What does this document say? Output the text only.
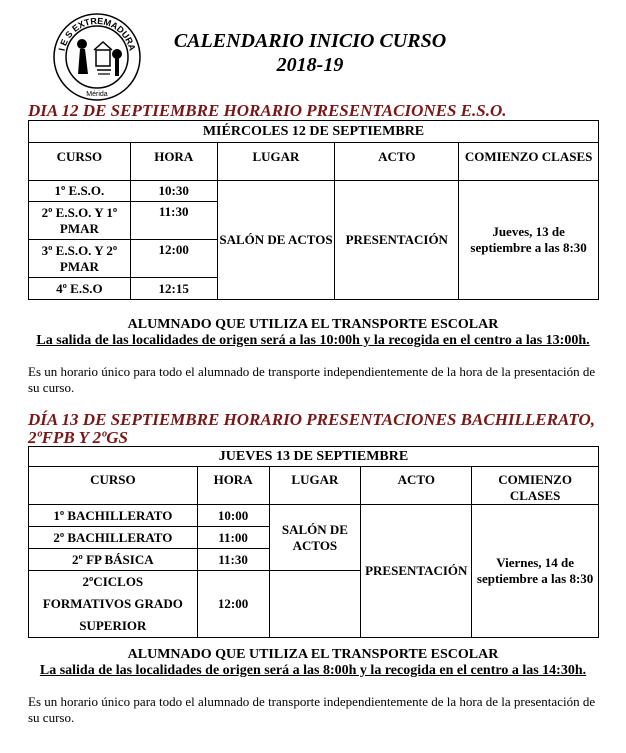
I E S EXTREMADURA
Mérida
CALENDARIO INICIO CURSO
2018-19
DIA 12 DE SEPTIEMBRE HORARIO PRESENTACIONES E.S.O.
MIÉRCOLES 12 DE SEPTIEMBRE				
CURSO	HORA	LUGAR	ACTO	COMIENZO CLASES
1º E.S.O.	10:30	SALÓN DE ACTOS	PRESENTACIÓN	Jueves, 13 de septiembre a las 8:30
2º E.S.O. Y 1º PMAR	11:30			
3º E.S.O. Y 2º PMAR	12:00			
4º E.S.O	12:15			
ALUMNADO QUE UTILIZA EL TRANSPORTE ESCOLAR
La salida de las localidades de origen será a las 10:00h y la recogida en el centro a las 13:00h.
Es un horario único para todo el alumnado de transporte independientemente de la hora de la presentación de su curso.
DÍA 13 DE SEPTIEMBRE HORARIO PRESENTACIONES BACHILLERATO, 2ºFPB Y 2ºGS
JUEVES 13 DE SEPTIEMBRE				
CURSO	HORA	LUGAR	ACTO	COMIENZO CLASES
1º BACHILLERATO	10:00	SALÓN DE ACTOS	PRESENTACIÓN	Viernes, 14 de septiembre a las 8:30
2º BACHILLERATO	11:00			
2º FP BÁSICA	11:30			
2ºCICLOS FORMATIVOS GRADO SUPERIOR	12:00			
ALUMNADO QUE UTILIZA EL TRANSPORTE ESCOLAR
La salida de las localidades de origen será a las 8:00h y la recogida en el centro a las 14:30h.
Es un horario único para todo el alumnado de transporte independientemente de la hora de la presentación de su curso.
